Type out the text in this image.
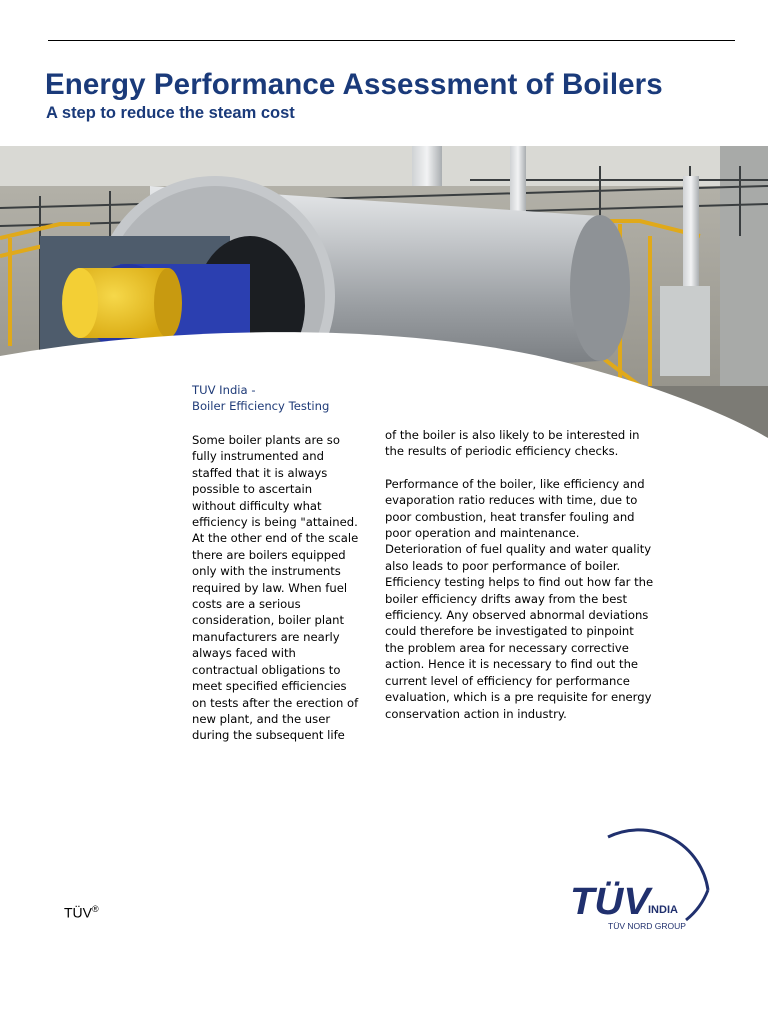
Energy Performance Assessment of Boilers
A step to reduce the steam cost
TUV India -
Boiler Efficiency Testing
Some boiler plants are so
fully instrumented and
staffed that it is always
possible to ascertain
without difficulty what
efficiency is being "attained.
At the other end of the scale
there are boilers equipped
only with the instruments
required by law. When fuel
costs are a serious
consideration, boiler plant
manufacturers are nearly
always faced with
contractual obligations to
meet specified efficiencies
on tests after the erection of
new plant, and the user
during the subsequent life
of the boiler is also likely to be interested in
the results of periodic efficiency checks.
Performance of the boiler, like efficiency and
evaporation ratio reduces with time, due to
poor combustion, heat transfer fouling and
poor operation and maintenance.
Deterioration of fuel quality and water quality
also leads to poor performance of boiler.
Efficiency testing helps to find out how far the
boiler efficiency drifts away from the best
efficiency. Any observed abnormal deviations
could therefore be investigated to pinpoint
the problem area for necessary corrective
action. Hence it is necessary to find out the
current level of efficiency for performance
evaluation, which is a pre requisite for energy
conservation action in industry.
TÜV®	TÜV INDIA
TÜV NORD GROUP
